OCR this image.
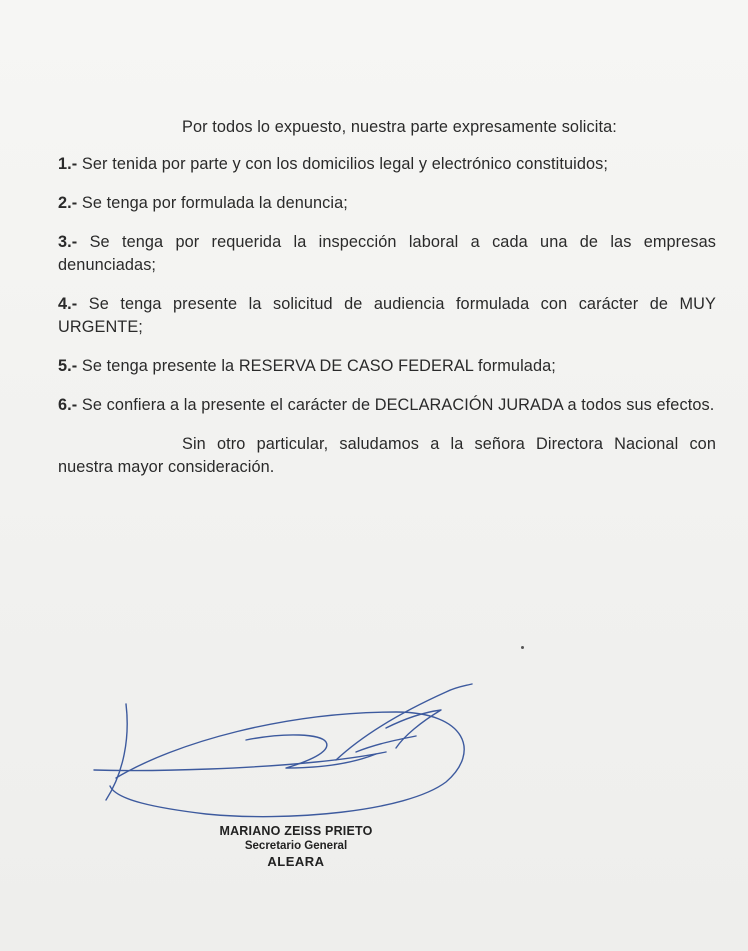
Por todos lo expuesto, nuestra parte expresamente solicita:

1.- Ser tenida por parte y con los domicilios legal y electrónico constituidos;

2.- Se tenga por formulada la denuncia;

3.- Se tenga por requerida la inspección laboral a cada una de las empresas denunciadas;

4.- Se tenga presente la solicitud de audiencia formulada con carácter de MUY URGENTE;

5.- Se tenga presente la RESERVA DE CASO FEDERAL formulada;

6.- Se confiera a la presente el carácter de DECLARACIÓN JURADA a todos sus efectos.

Sin otro particular, saludamos a la señora Directora Nacional con nuestra mayor consideración.

MARIANO ZEISS PRIETO
Secretario General
ALEARA
